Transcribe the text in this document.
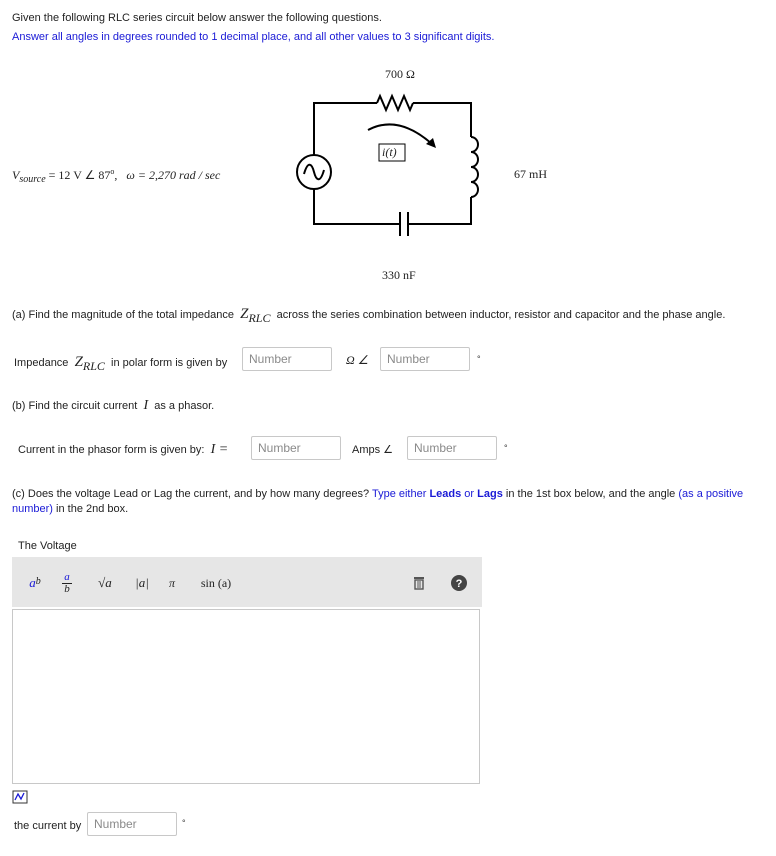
Given the following RLC series circuit below answer the following questions.
Answer all angles in degrees rounded to 1 decimal place, and all other values to 3 significant digits.
$V_{source} = 12$ V ∠ 87$^o$, ω = 2,270 rad / sec
700 Ω
i(t)
67 mH
330 nF
(a) Find the magnitude of the total impedance ZRLC across the series combination between inductor, resistor and capacitor and the phase angle.
Impedance ZRLC in polar form is given by
Number	Ω ∠
Number	°
(b) Find the circuit current I as a phasor.
Current in the phasor form is given by: I =
Number	Amps ∠
Number	°
(c) Does the voltage Lead or Lag the current, and by how many degrees? Type either Leads or Lags in the 1st box below, and the angle (as a positive number) in the 2nd box.
The Voltage
a b a
b	√a	|a|	π	sin (a)	?
the current by
Number	°
